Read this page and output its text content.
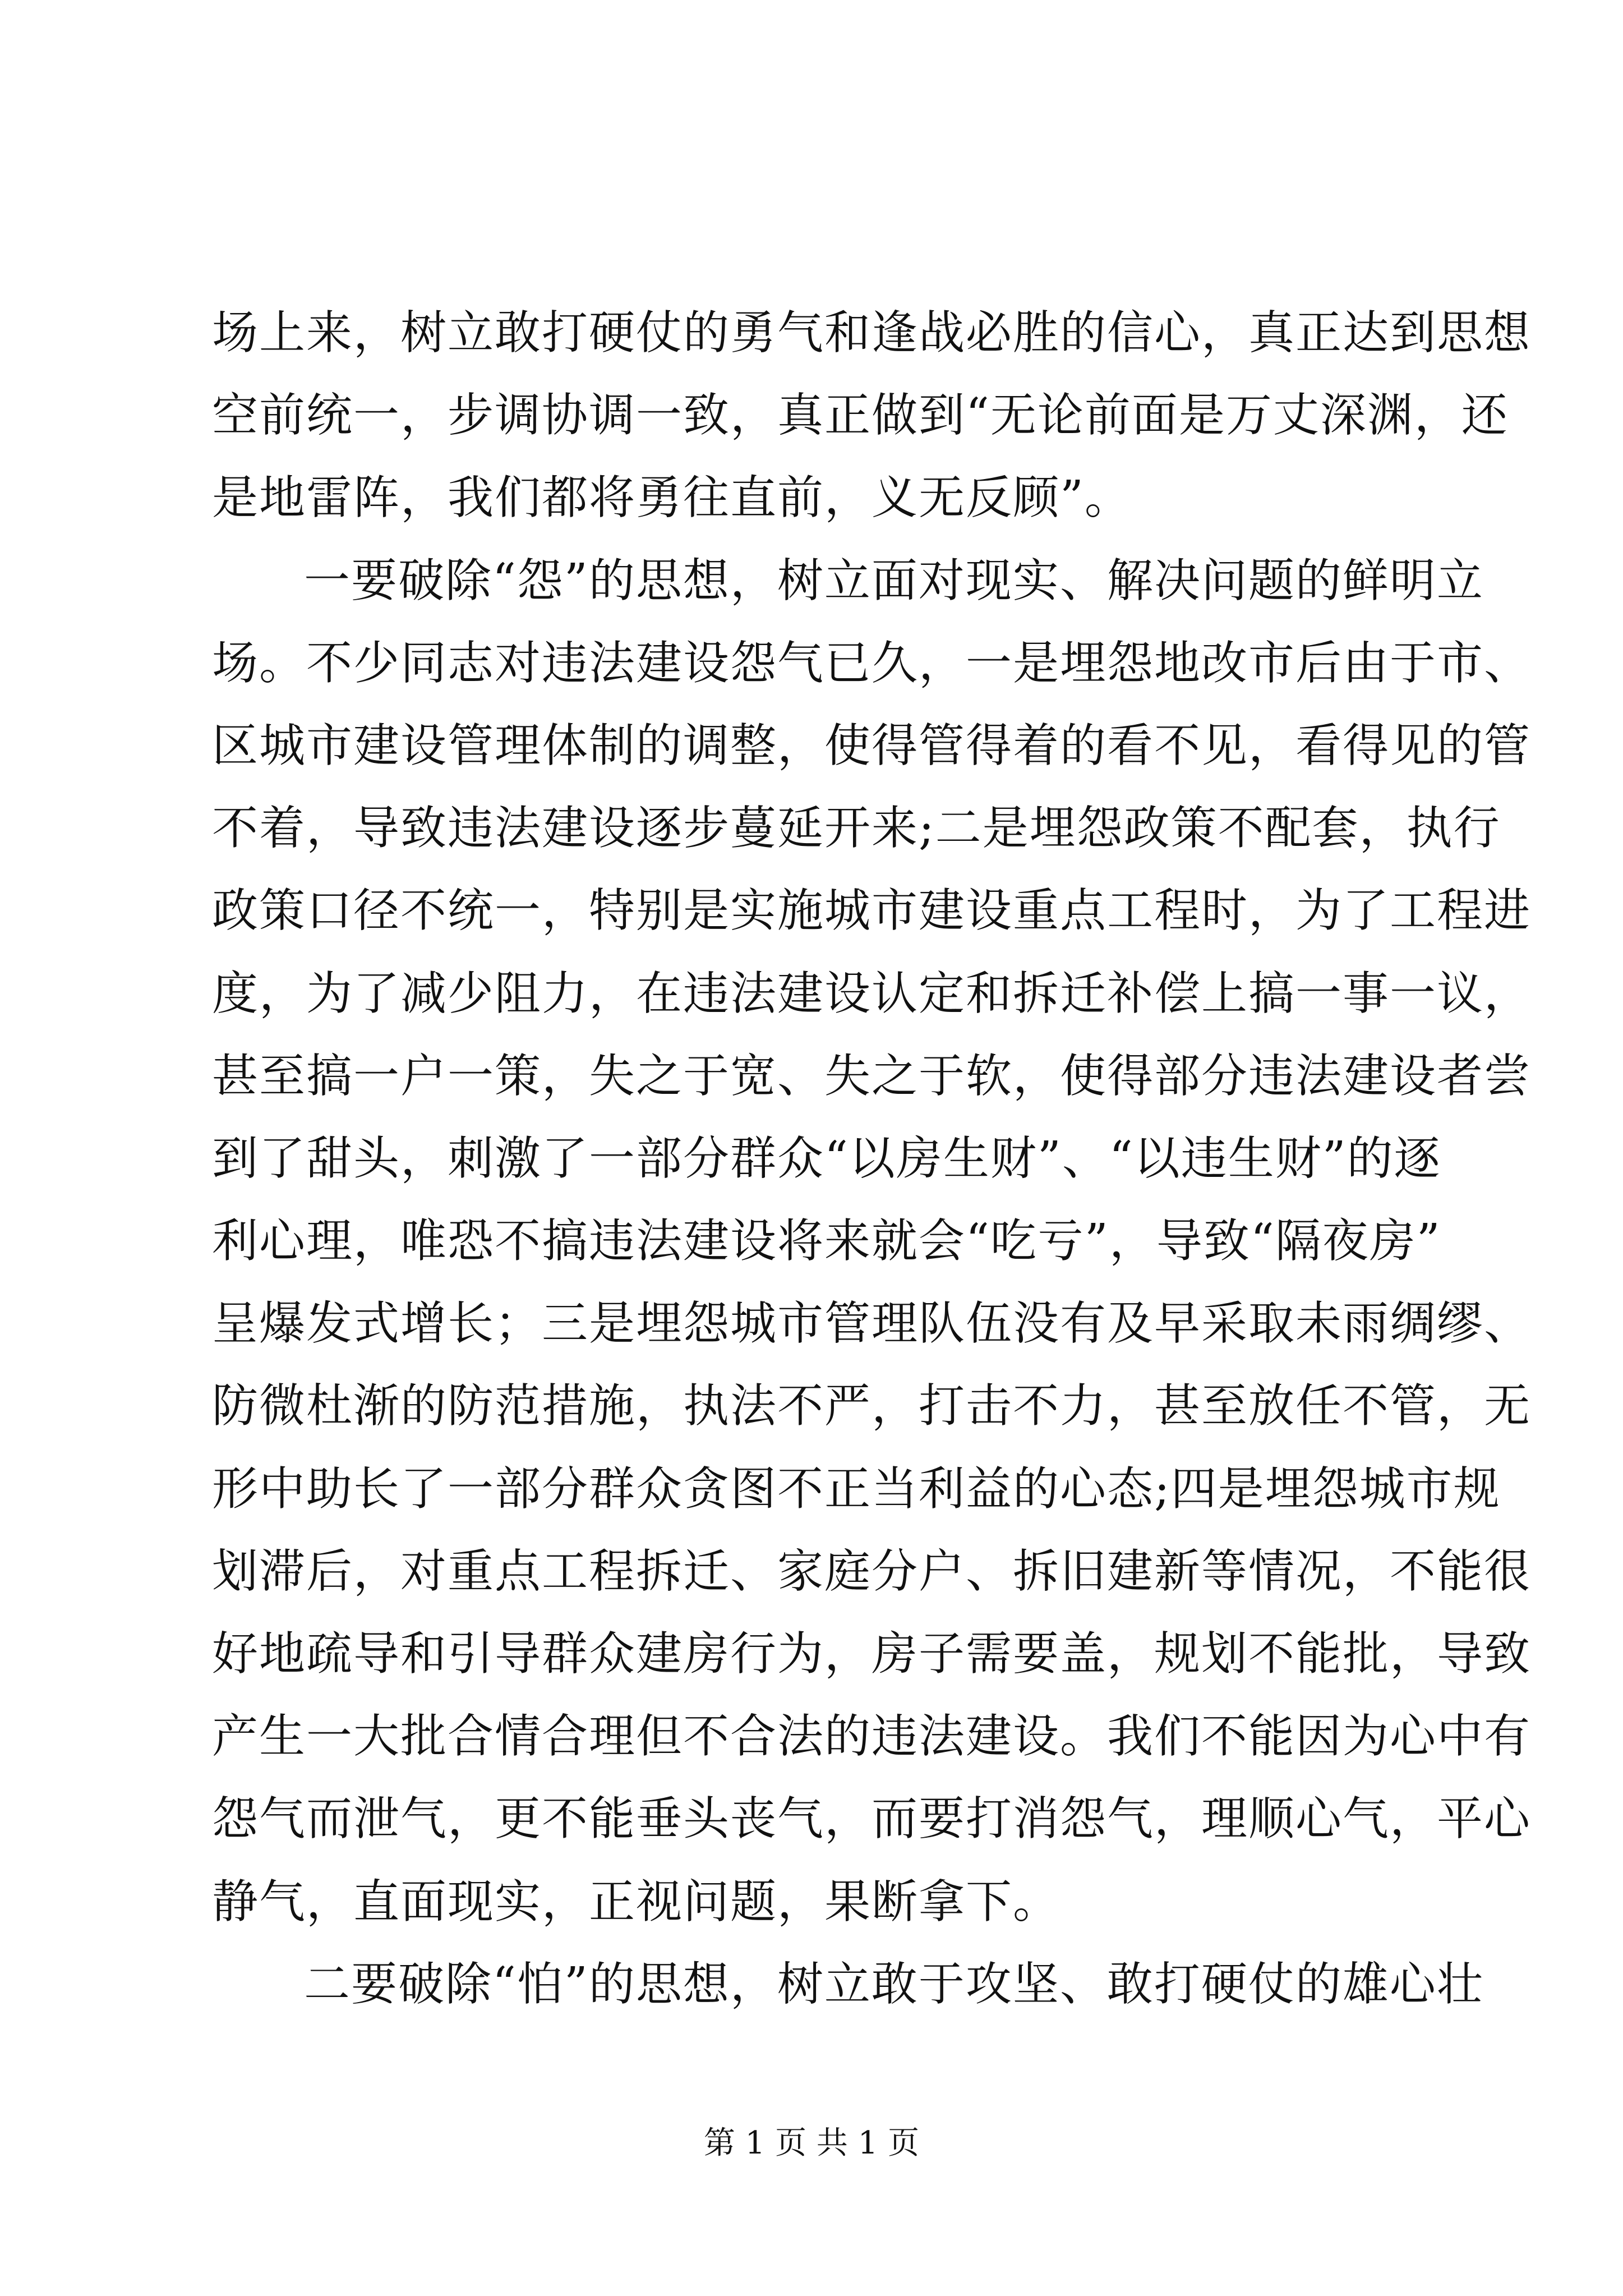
场上来，树立敢打硬仗的勇气和逢战必胜的信心，真正达到思想
空前统一，步调协调一致，真正做到“无论前面是万丈深渊，还
是地雷阵，我们都将勇往直前，义无反顾”。
一要破除“怨”的思想，树立面对现实、解决问题的鲜明立
场。不少同志对违法建设怨气已久，一是埋怨地改市后由于市、
区城市建设管理体制的调整，使得管得着的看不见，看得见的管
不着，导致违法建设逐步蔓延开来;二是埋怨政策不配套，执行
政策口径不统一，特别是实施城市建设重点工程时，为了工程进
度，为了减少阻力，在违法建设认定和拆迁补偿上搞一事一议，
甚至搞一户一策，失之于宽、失之于软，使得部分违法建设者尝
到了甜头，刺激了一部分群众“以房生财”、“以违生财”的逐
利心理，唯恐不搞违法建设将来就会“吃亏”，导致“隔夜房”
呈爆发式增长；三是埋怨城市管理队伍没有及早采取未雨绸缪、
防微杜渐的防范措施，执法不严，打击不力，甚至放任不管，无
形中助长了一部分群众贪图不正当利益的心态;四是埋怨城市规
划滞后，对重点工程拆迁、家庭分户、拆旧建新等情况，不能很
好地疏导和引导群众建房行为，房子需要盖，规划不能批，导致
产生一大批合情合理但不合法的违法建设。我们不能因为心中有
怨气而泄气，更不能垂头丧气，而要打消怨气，理顺心气，平心
静气，直面现实，正视问题，果断拿下。
二要破除“怕”的思想，树立敢于攻坚、敢打硬仗的雄心壮
第 1 页 共 1 页
